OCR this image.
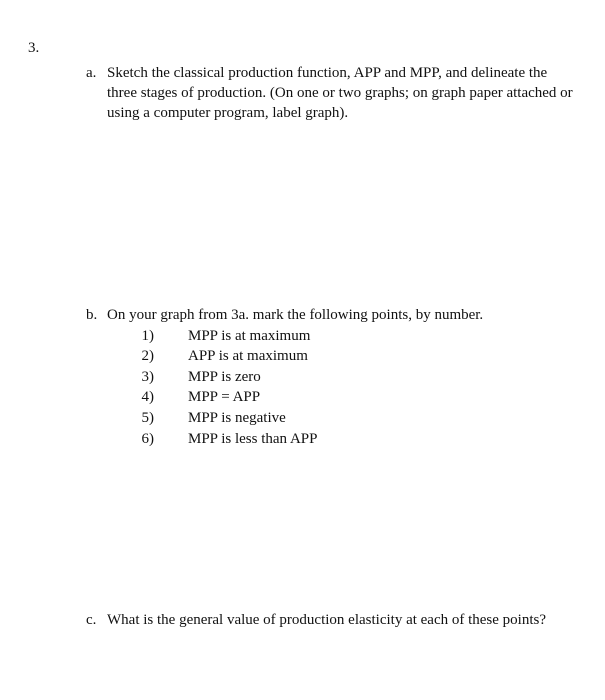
3.
a. Sketch the classical production function, APP and MPP, and delineate the
three stages of production. (On one or two graphs; on graph paper attached or
using a computer program, label graph).
b. On your graph from 3a. mark the following points, by number.
1) MPP is at maximum
2) APP is at maximum
3) MPP is zero
4) MPP = APP
5) MPP is negative
6) MPP is less than APP
c. What is the general value of production elasticity at each of these points?
